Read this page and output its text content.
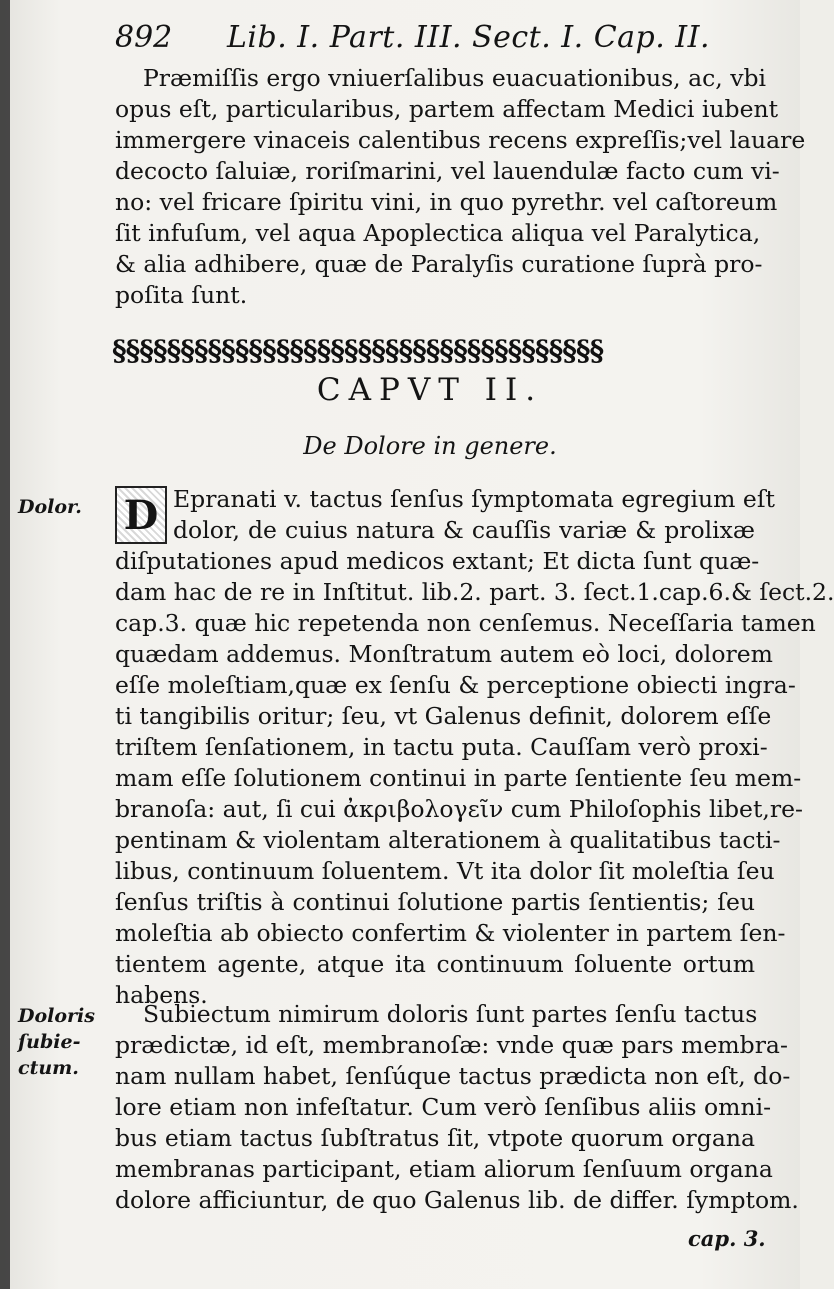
892 Lib. I. Part. III. Sect. I. Cap. II.
Præmiſſis ergo vniuerſalibus euacuationibus, ac, vbi
opus eſt, particularibus, partem affectam Medici iubent
immergere vinaceis calentibus recens expreſſis;vel lauare
decocto ſaluiæ, roriſmarini, vel lauendulæ facto cum vi-
no: vel fricare ſpiritu vini, in quo pyrethr. vel caſtoreum
ſit infuſum, vel aqua Apoplectica aliqua vel Paralytica,
& alia adhibere, quæ de Paralyſis curatione ſuprà pro-
poſita ſunt.
§§§§§§§§§§§§§§§§§§§§§§§§§§§§§§§§§§§§
CAPVT II.
De Dolore in genere.
Dolor.
Doloris
ſubie-
ctum.
D Epranati v. tactus ſenſus ſymptomata egregium eſt
dolor, de cuius natura & cauſſis variæ & prolixæ
diſputationes apud medicos extant; Et dicta ſunt quæ-
dam hac de re in Inſtitut. lib.2. part. 3. ſect.1.cap.6.& ſect.2.
cap.3. quæ hic repetenda non cenſemus. Neceſſaria tamen
quædam addemus. Monſtratum autem eò loci, dolorem
eſſe moleſtiam,quæ ex ſenſu & perceptione obiecti ingra-
ti tangibilis oritur; ſeu, vt Galenus definit, dolorem eſſe
triſtem ſenſationem, in tactu puta. Cauſſam verò proxi-
mam eſſe ſolutionem continui in parte ſentiente ſeu mem-
branoſa: aut, ſi cui ἀκριβολογεῖν cum Philoſophis libet,re-
pentinam & violentam alterationem à qualitatibus tacti-
libus, continuum ſoluentem. Vt ita dolor ſit moleſtia ſeu
ſenſus triſtis à continui ſolutione partis ſentientis; ſeu
moleſtia ab obiecto confertim & violenter in partem ſen-
tientem agente, atque ita continuum ſoluente ortum
habens.
Subiectum nimirum doloris ſunt partes ſenſu tactus
prædictæ, id eſt, membranoſæ: vnde quæ pars membra-
nam nullam habet, ſenſúque tactus prædicta non eſt, do-
lore etiam non infeſtatur. Cum verò ſenſibus aliis omni-
bus etiam tactus ſubſtratus ſit, vtpote quorum organa
membranas participant, etiam aliorum ſenſuum organa
dolore afficiuntur, de quo Galenus lib. de differ. ſymptom.
cap. 3.
